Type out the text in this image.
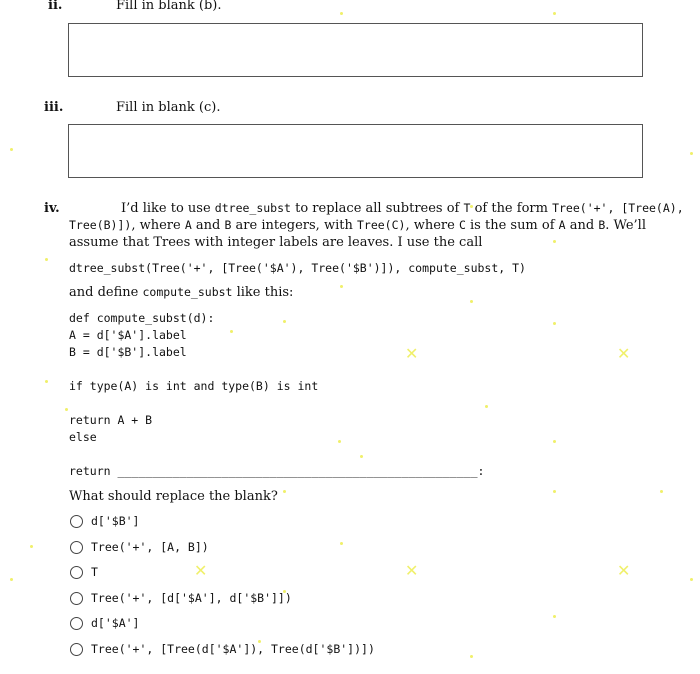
✕	✕
✕	✕	✕
ii.	Fill in blank (b).
iii.	Fill in blank (c).
iv.	I’d like to use dtree_subst to replace all subtrees of T of the form Tree('+', [Tree(A), Tree(B)]), where A and B are integers, with Tree(C), where C is the sum of A and B. We’ll assume that Trees with integer labels are leaves. I use the call
dtree_subst(Tree('+', [Tree('$A'), Tree('$B')]), compute_subst, T)
and define compute_subst like this:
def compute_subst(d):
A = d['$A'].label
B = d['$B'].label
if type(A) is int and type(B) is int
return A + B
else
return ____________________________________________________:
What should replace the blank?
d['$B']
Tree('+', [A, B])
T
Tree('+', [d['$A'], d['$B']])
d['$A']
Tree('+', [Tree(d['$A']), Tree(d['$B'])])
